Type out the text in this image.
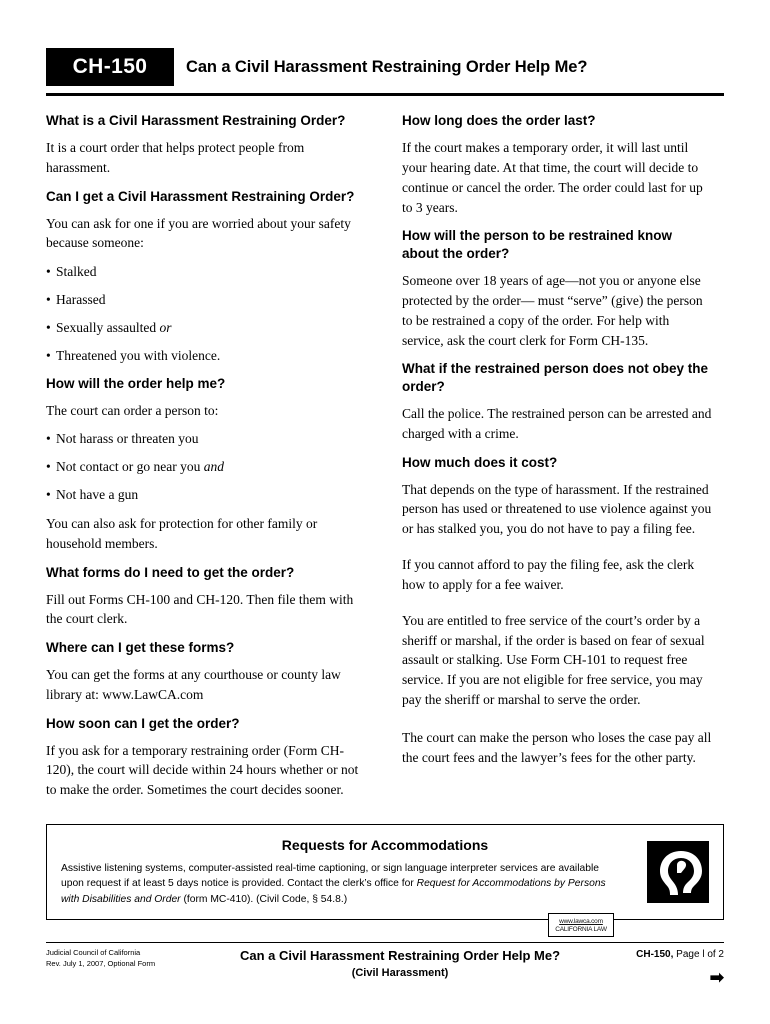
CH-150	Can a Civil Harassment Restraining Order Help Me?
What is a Civil Harassment Restraining Order?

It is a court order that helps protect people from harassment.

Can I get a Civil Harassment Restraining Order?

You can ask for one if you are worried about your safety because someone:

• Stalked
• Harassed
• Sexually assaulted or
• Threatened you with violence.
How will the order help me?

The court can order a person to:

• Not harass or threaten you
• Not contact or go near you and
• Not have a gun

You can also ask for protection for other family or household members.

What forms do I need to get the order?

Fill out Forms CH-100 and CH-120. Then file them with the court clerk.

Where can I get these forms?

You can get the forms at any courthouse or county law library at: www.LawCA.com

How soon can I get the order?

If you ask for a temporary restraining order (Form CH-120), the court will decide within 24 hours whether or not to make the order. Sometimes the court decides sooner.

How long does the order last?

If the court makes a temporary order, it will last until your hearing date. At that time, the court will decide to continue or cancel the order. The order could last for up to 3 years.

How will the person to be restrained know about the order?

Someone over 18 years of age—not you or anyone else protected by the order— must “serve” (give) the person to be restrained a copy of the order. For help with service, ask the court clerk for Form CH-135.

What if the restrained person does not obey the order?

Call the police. The restrained person can be arrested and charged with a crime.

How much does it cost?

That depends on the type of harassment. If the restrained person has used or threatened to use violence against you or has stalked you, you do not have to pay a filing fee.

If you cannot afford to pay the filing fee, ask the clerk how to apply for a fee waiver.

You are entitled to free service of the court’s order by a sheriff or marshal, if the order is based on fear of sexual assault or stalking. Use Form CH-101 to request free service. If you are not eligible for free service, you may pay the sheriff or marshal to serve the order.

The court can make the person who loses the case pay all the court fees and the lawyer’s fees for the other party.

Requests for Accommodations

Assistive listening systems, computer-assisted real-time captioning, or sign language interpreter services are available upon request if at least 5 days notice is provided. Contact the clerk’s office for Request for Accommodations by Persons with Disabilities and Order (form MC-410). (Civil Code, § 54.8.)

www.lawca.com
CALIFORNIA LAW
Judicial Council of California
Rev. July 1, 2007, Optional Form
Can a Civil Harassment Restraining Order Help Me?
(Civil Harassment)
CH-150, Page l of 2
➡
